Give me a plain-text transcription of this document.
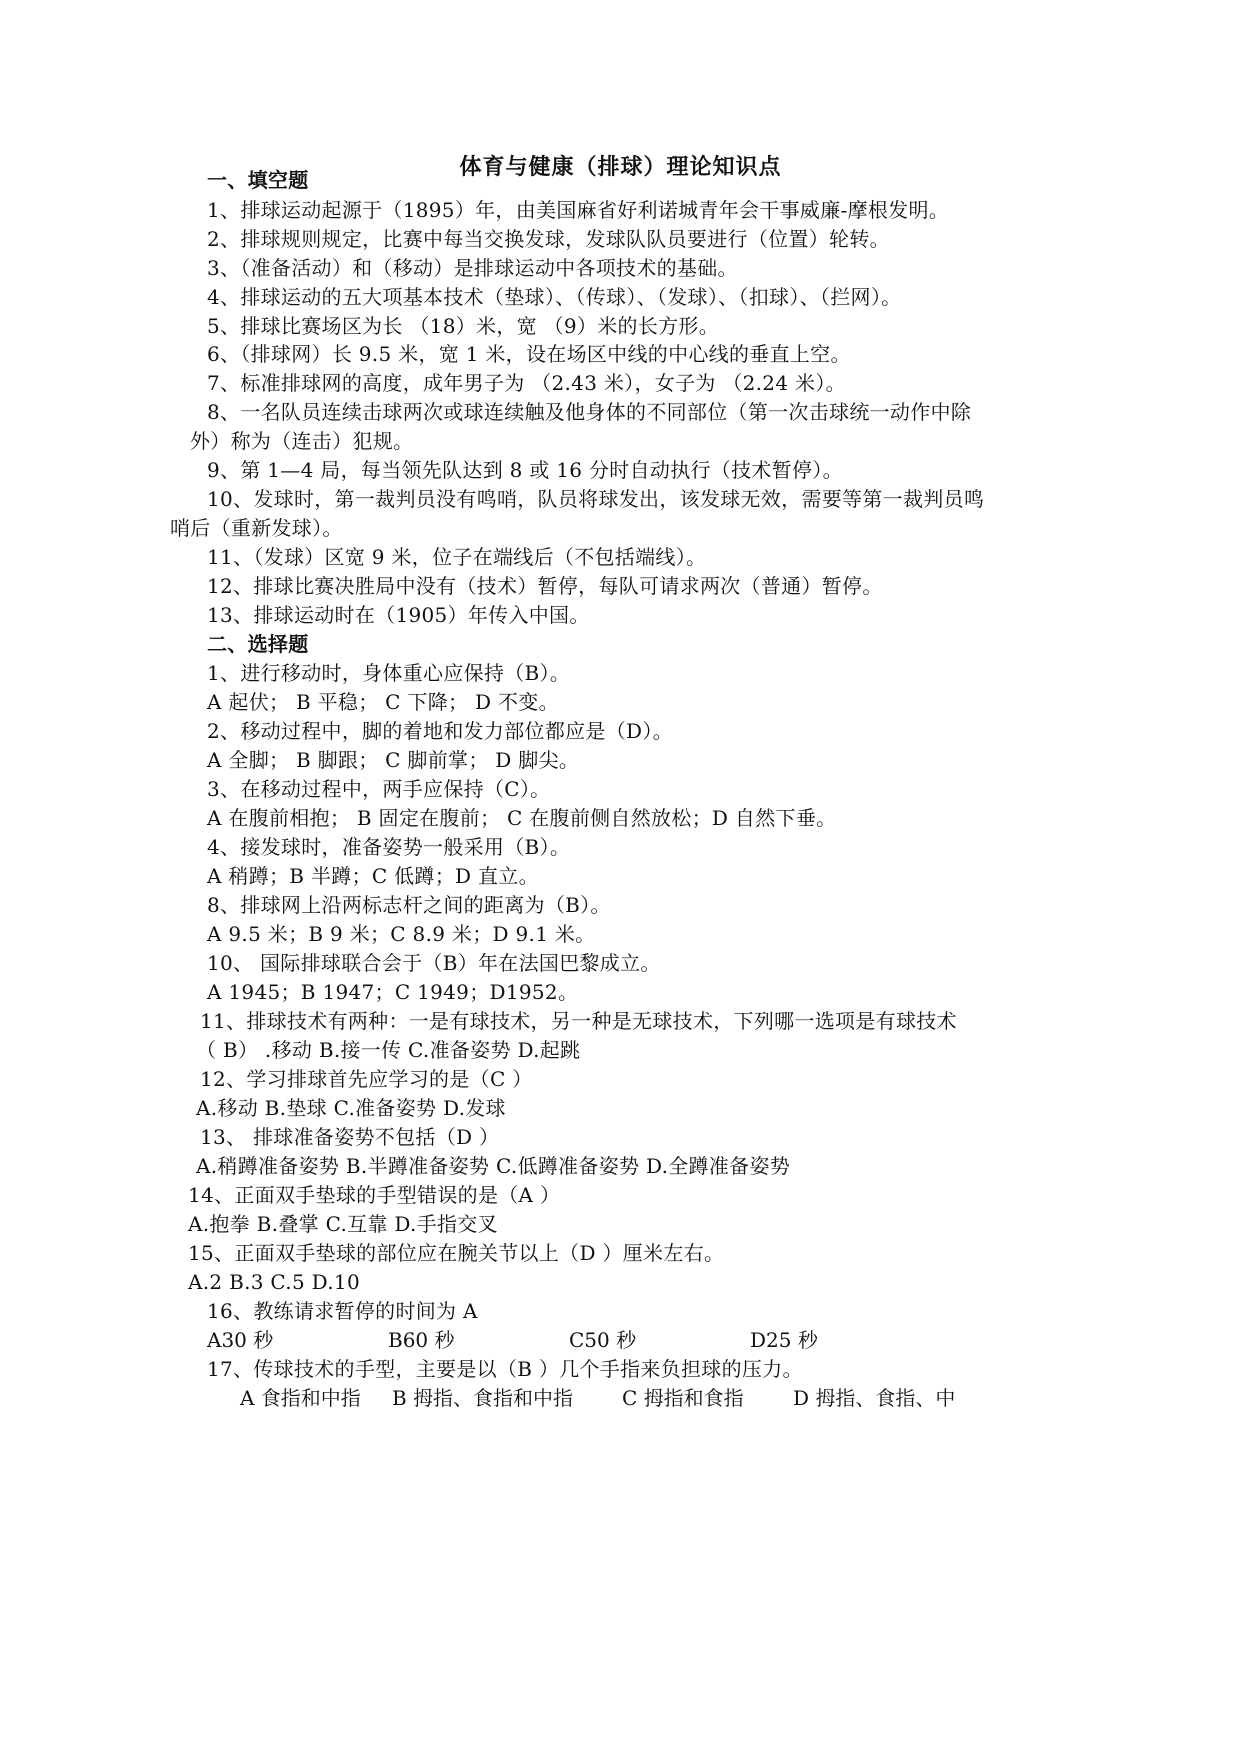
体育与健康（排球）理论知识点
一、填空题
1、排球运动起源于（1895）年，由美国麻省好利诺城青年会干事威廉-摩根发明。
2、排球规则规定，比赛中每当交换发球，发球队队员要进行（位置）轮转。
3、（准备活动）和（移动）是排球运动中各项技术的基础。
4、排球运动的五大项基本技术（垫球）、（传球）、（发球）、（扣球）、（拦网）。
5、排球比赛场区为长 （18）米，宽 （9）米的长方形。
6、（排球网）长 9.5 米，宽 1 米，设在场区中线的中心线的垂直上空。
7、标准排球网的高度，成年男子为 （2.43 米），女子为 （2.24 米）。
8、一名队员连续击球两次或球连续触及他身体的不同部位（第一次击球统一动作中除
外）称为（连击）犯规。
9、第 1—4 局，每当领先队达到 8 或 16 分时自动执行（技术暂停）。
10、发球时，第一裁判员没有鸣哨，队员将球发出，该发球无效，需要等第一裁判员鸣
哨后（重新发球）。
11、（发球）区宽 9 米，位子在端线后（不包括端线）。
12、排球比赛决胜局中没有（技术）暂停，每队可请求两次（普通）暂停。
13、排球运动时在（1905）年传入中国。
二、选择题
1、进行移动时，身体重心应保持（B）。
A 起伏； B 平稳； C 下降； D 不变。
2、移动过程中，脚的着地和发力部位都应是（D）。
A 全脚； B 脚跟； C 脚前掌； D 脚尖。
3、在移动过程中，两手应保持（C）。
A 在腹前相抱； B 固定在腹前； C 在腹前侧自然放松；D 自然下垂。
4、接发球时，准备姿势一般采用（B）。
A 稍蹲；B 半蹲；C 低蹲；D 直立。
8、排球网上沿两标志杆之间的距离为（B）。
A 9.5 米；B 9 米；C 8.9 米；D 9.1 米。
10、 国际排球联合会于（B）年在法国巴黎成立。
A 1945；B 1947；C 1949；D1952。
11、排球技术有两种：一是有球技术，另一种是无球技术，下列哪一选项是有球技术
（ B） .移动 B.接一传 C.准备姿势 D.起跳
12、学习排球首先应学习的是（C ）
A.移动 B.垫球 C.准备姿势 D.发球
13、 排球准备姿势不包括（D ）
A.稍蹲准备姿势 B.半蹲准备姿势 C.低蹲准备姿势 D.全蹲准备姿势
14、正面双手垫球的手型错误的是（A ）
A.抱拳 B.叠掌 C.互靠 D.手指交叉
15、正面双手垫球的部位应在腕关节以上（D ）厘米左右。
A.2 B.3 C.5 D.10
16、教练请求暂停的时间为 A
A30 秒	B60 秒	C50 秒	D25 秒
17、传球技术的手型，主要是以（B ）几个手指来负担球的压力。
A 食指和中指 B 拇指、食指和中指 C 拇指和食指 D 拇指、食指、中
